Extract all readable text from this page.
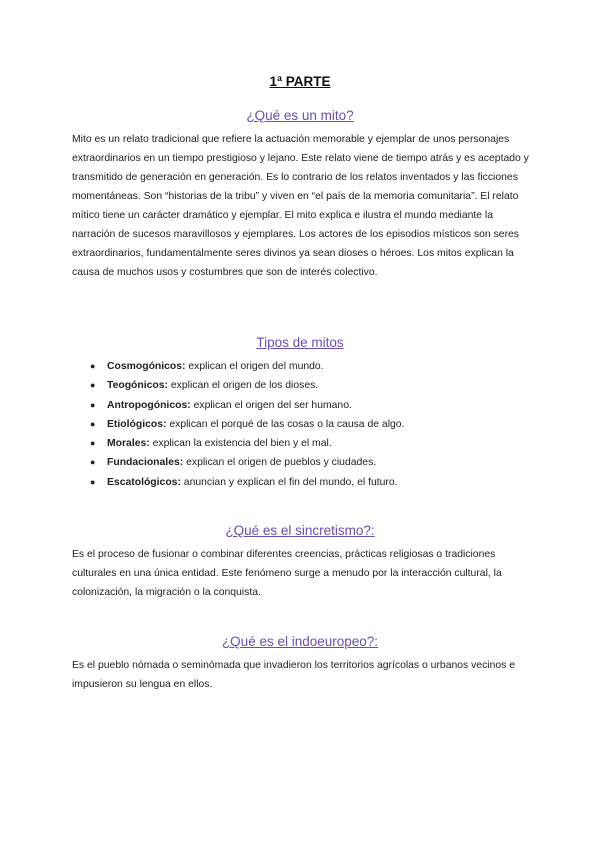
1ª PARTE
¿Qué es un mito?

Mito es un relato tradicional que refiere la actuación memorable y ejemplar de unos personajes extraordinarios en un tiempo prestigioso y lejano. Este relato viene de tiempo atrás y es aceptado y transmitido de generación en generación. Es lo contrario de los relatos inventados y las ficciones momentáneas. Son “historias de la tribu” y viven en “el país de la memoria comunitaria”. El relato mítico tiene un carácter dramático y ejemplar. El mito explica e ilustra el mundo mediante la narración de sucesos maravillosos y ejemplares. Los actores de los episodios místicos son seres extraordinarios, fundamentalmente seres divinos ya sean dioses o héroes. Los mitos explican la causa de muchos usos y costumbres que son de interés colectivo.

Tipos de mitos
● Cosmogónicos: explican el origen del mundo.
● Teogónicos: explican el origen de los dioses.
● Antropogónicos: explican el origen del ser humano.
● Etiológicos: explican el porqué de las cosas o la causa de algo.
● Morales: explican la existencia del bien y el mal.
● Fundacionales: explican el origen de pueblos y ciudades.
● Escatológicos: anuncian y explican el fin del mundo, el futuro.
¿Qué es el sincretismo?:

Es el proceso de fusionar o combinar diferentes creencias, prácticas religiosas o tradiciones culturales en una única entidad. Este fenómeno surge a menudo por la interacción cultural, la colonización, la migración o la conquista.

¿Qué es el indoeuropeo?:

Es el pueblo nómada o seminómada que invadieron los territorios agrícolas o urbanos vecinos e impusieron su lengua en ellos.
